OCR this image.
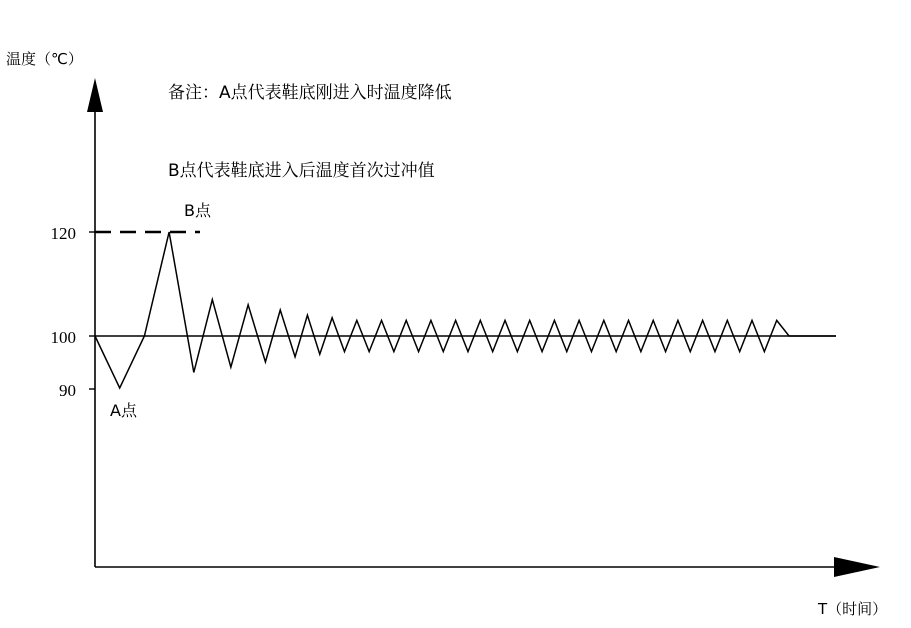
备注：A点代表鞋底刚进入时温度降低

B点代表鞋底进入后温度首次过冲值

温度（℃）
T（时间）
120
100
90
B点
A点
